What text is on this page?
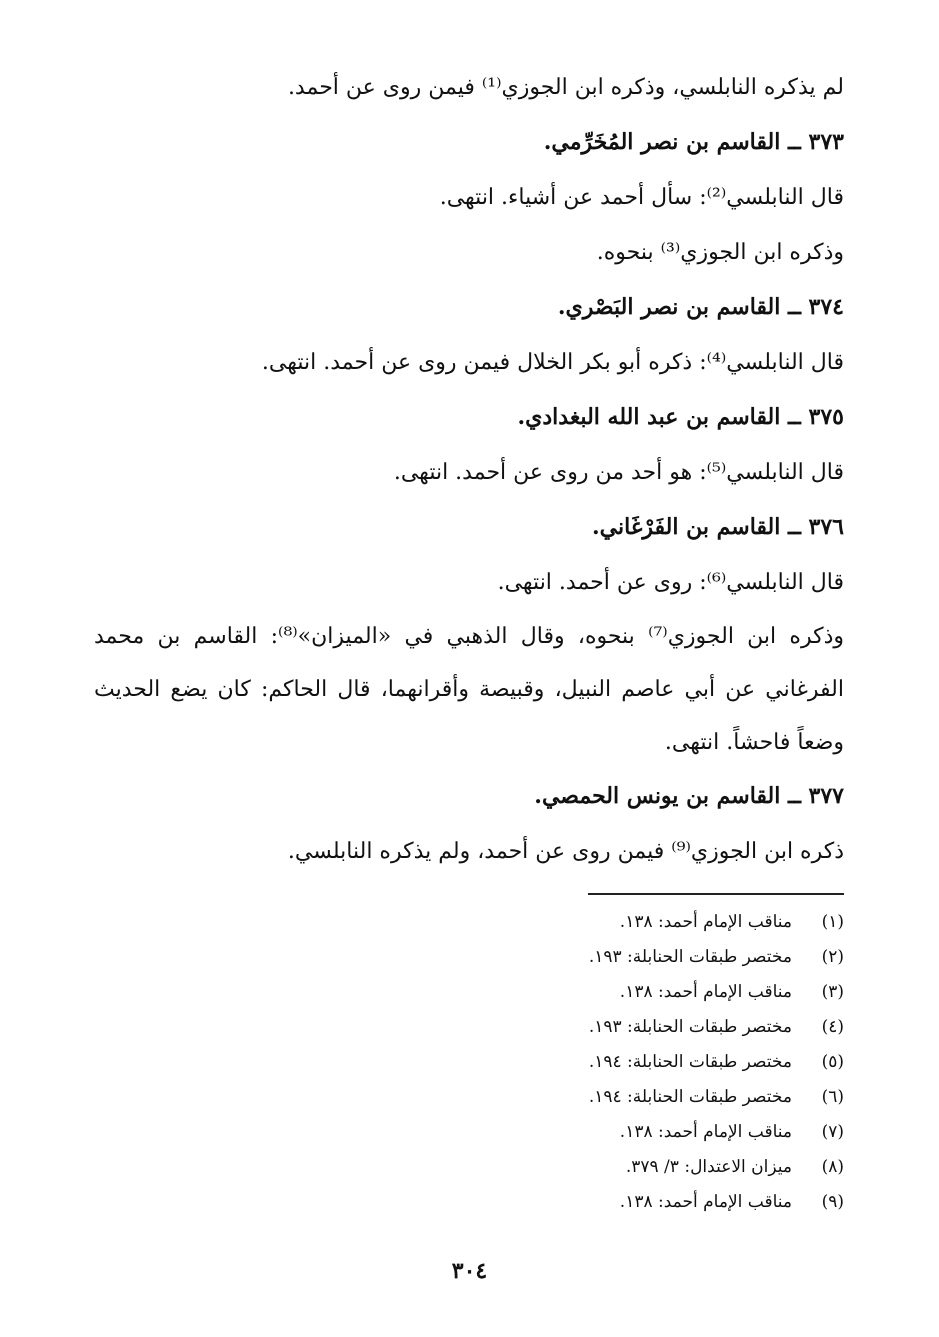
لم يذكره النابلسي، وذكره ابن الجوزي⁽¹⁾ فيمن روى عن أحمد.

٣٧٣ ــ القاسم بن نصر المُخَرِّمي.

قال النابلسي⁽²⁾: سأل أحمد عن أشياء. انتهى.

وذكره ابن الجوزي⁽³⁾ بنحوه.

٣٧٤ ــ القاسم بن نصر البَصْري.

قال النابلسي⁽⁴⁾: ذكره أبو بكر الخلال فيمن روى عن أحمد. انتهى.

٣٧٥ ــ القاسم بن عبد الله البغدادي.

قال النابلسي⁽⁵⁾: هو أحد من روى عن أحمد. انتهى.

٣٧٦ ــ القاسم بن الفَرْغَاني.

قال النابلسي⁽⁶⁾: روى عن أحمد. انتهى.

وذكره ابن الجوزي⁽⁷⁾ بنحوه، وقال الذهبي في «الميزان»⁽⁸⁾: القاسم بن محمد الفرغاني عن أبي عاصم النبيل، وقبيصة وأقرانهما، قال الحاكم: كان يضع الحديث وضعاً فاحشاً. انتهى.

٣٧٧ ــ القاسم بن يونس الحمصي.

ذكره ابن الجوزي⁽⁹⁾ فيمن روى عن أحمد، ولم يذكره النابلسي.

(١)مناقب الإمام أحمد: ١٣٨.

(٢)مختصر طبقات الحنابلة: ١٩٣.

(٣)مناقب الإمام أحمد: ١٣٨.

(٤)مختصر طبقات الحنابلة: ١٩٣.

(٥)مختصر طبقات الحنابلة: ١٩٤.

(٦)مختصر طبقات الحنابلة: ١٩٤.

(٧)مناقب الإمام أحمد: ١٣٨.

(٨)ميزان الاعتدال: ٣/ ٣٧٩.

(٩)مناقب الإمام أحمد: ١٣٨.

٣٠٤
